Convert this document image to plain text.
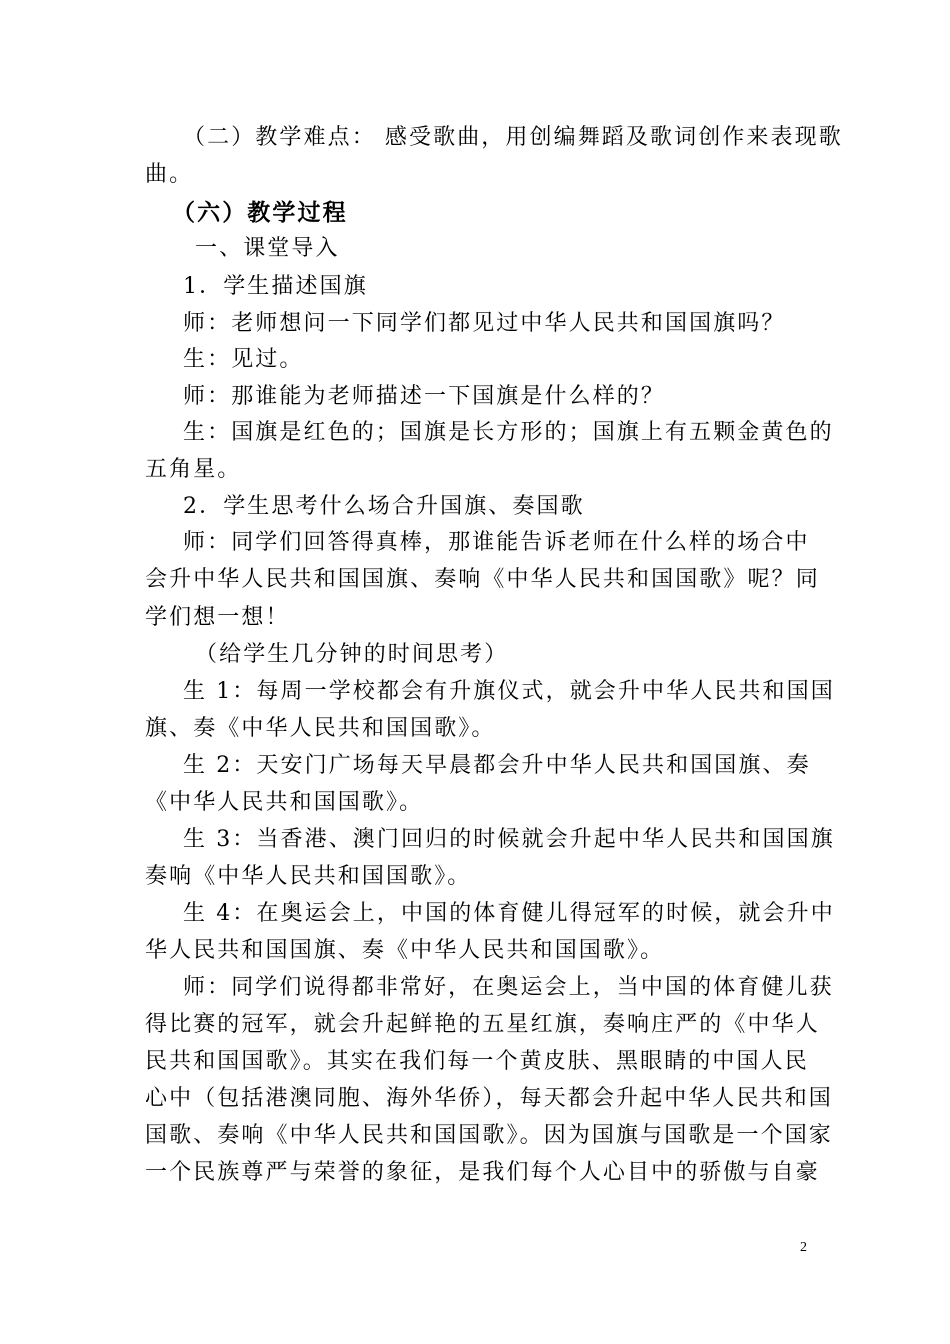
（二）教学难点： 感受歌曲，用创编舞蹈及歌词创作来表现歌
曲。
（六）教学过程
一、课堂导入
1．学生描述国旗
师：老师想问一下同学们都见过中华人民共和国国旗吗？
生：见过。
师：那谁能为老师描述一下国旗是什么样的？
生：国旗是红色的；国旗是长方形的；国旗上有五颗金黄色的
五角星。
2．学生思考什么场合升国旗、奏国歌
师：同学们回答得真棒，那谁能告诉老师在什么样的场合中
会升中华人民共和国国旗、奏响《中华人民共和国国歌》呢？同
学们想一想！
（给学生几分钟的时间思考）
生 1：每周一学校都会有升旗仪式，就会升中华人民共和国国
旗、奏《中华人民共和国国歌》。
生 2：天安门广场每天早晨都会升中华人民共和国国旗、奏
《中华人民共和国国歌》。
生 3：当香港、澳门回归的时候就会升起中华人民共和国国旗
奏响《中华人民共和国国歌》。
生 4：在奥运会上，中国的体育健儿得冠军的时候，就会升中
华人民共和国国旗、奏《中华人民共和国国歌》。
师：同学们说得都非常好，在奥运会上，当中国的体育健儿获
得比赛的冠军，就会升起鲜艳的五星红旗，奏响庄严的《中华人
民共和国国歌》。其实在我们每一个黄皮肤、黑眼睛的中国人民
心中（包括港澳同胞、海外华侨），每天都会升起中华人民共和国
国歌、奏响《中华人民共和国国歌》。因为国旗与国歌是一个国家
一个民族尊严与荣誉的象征，是我们每个人心目中的骄傲与自豪
2
